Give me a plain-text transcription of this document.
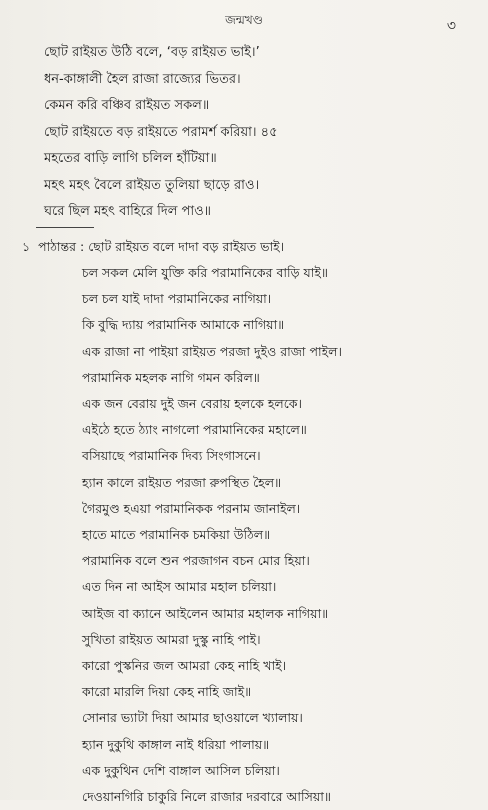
জন্মখণ্ড	৩
ছোট রাইয়ত উঠি বলে, ‘বড় রাইয়ত ভাই।’
ধন-কাঙ্গালী হৈল রাজা রাজ্যের ভিতর।
কেমন করি বঞ্চিব রাইয়ত সকল॥
ছোট রাইয়তে বড় রাইয়তে পরামর্শ করিয়া। ৪৫
মহতের বাড়ি লাগি চলিল হাঁটিয়া॥
মহৎ মহৎ বৈলে রাইয়ত তুলিয়া ছাড়ে রাও।
ঘরে ছিল মহৎ বাহিরে দিল পাও॥
১ পাঠান্তর : ছোট রাইয়ত বলে দাদা বড় রাইয়ত ভাই।
চল সকল মেলি যুক্তি করি পরামানিকের বাড়ি যাই॥
চল চল যাই দাদা পরামানিকের নাগিয়া।
কি বুদ্ধি দ্যায় পরামানিক আমাকে নাগিয়া॥
এক রাজা না পাইয়া রাইয়ত পরজা দুইও রাজা পাইল।
পরামানিক মহলক নাগি গমন করিল॥
এক জন বেরায় দুই জন বেরায় হলকে হলকে।
এইঠে হতে ঠ্যাং নাগলো পরামানিকের মহালে॥
বসিয়াছে পরামানিক দিব্য সিংগাসনে।
হ্যান কালে রাইয়ত পরজা রুপস্থিত হৈল॥
গৈরমুণ্ড হএয়া পরামানিকক পরনাম জানাইল।
হাতে মাতে পরামানিক চমকিয়া উঠিল॥
পরামানিক বলে শুন পরজাগন বচন মোর হিয়া।
এত দিন না আইস আমার মহাল চলিয়া।
আইজ বা ক্যানে আইলেন আমার মহালক নাগিয়া॥
সুখিতা রাইয়ত আমরা দুস্কু নাহি পাই।
কারো পুস্কনির জল আমরা কেহ নাহি খাই।
কারো মারলি দিয়া কেহ নাহি জাই॥
সোনার ভ্যাটা দিয়া আমার ছাওয়ালে খ্যালায়।
হ্যান দুকুথি কাঙ্গাল নাই ধরিয়া পালায়॥
এক দুকুথিন দেশি বাঙ্গাল আসিল চলিয়া।
দেওয়ানগিরি চাকুরি নিলে রাজার দরবারে আসিয়া॥
